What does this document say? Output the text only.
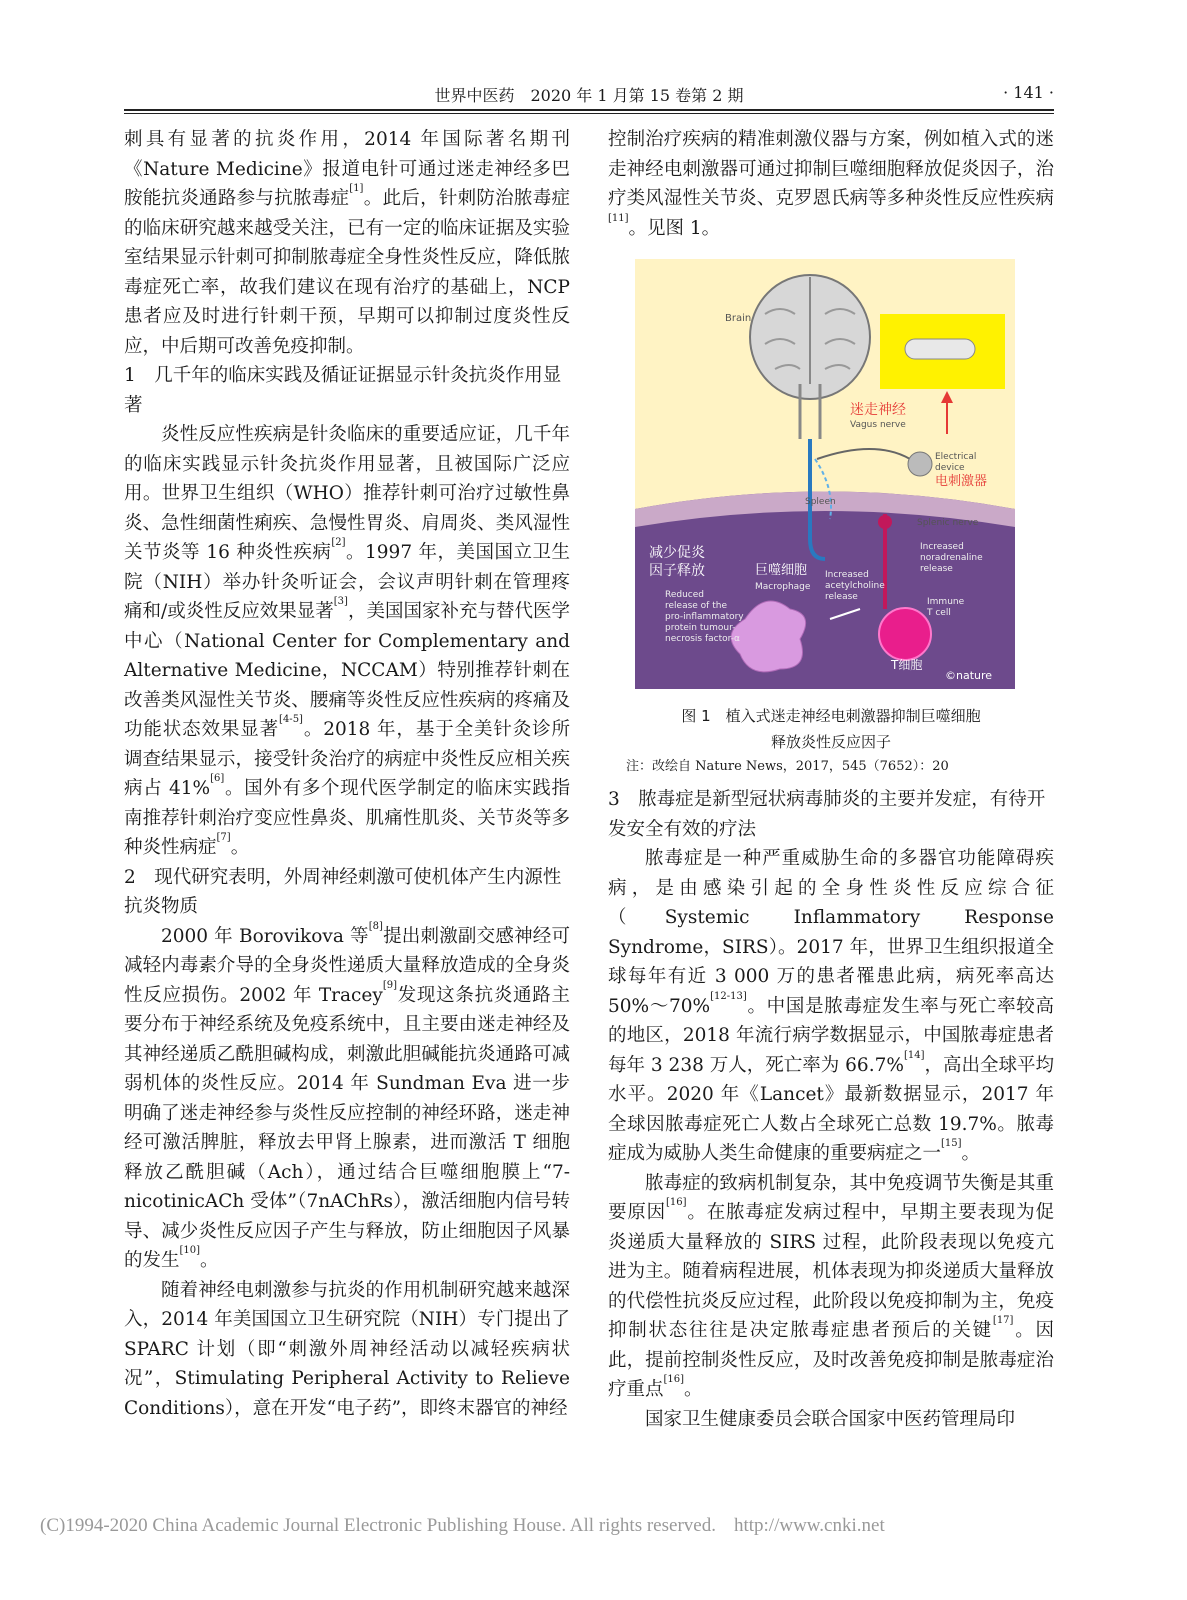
世界中医药　2020 年 1 月第 15 卷第 2 期	· 141 ·

刺具有显著的抗炎作用，2014 年国际著名期刊《Nature Medicine》报道电针可通过迷走神经多巴胺能抗炎通路参与抗脓毒症[1]。此后，针刺防治脓毒症的临床研究越来越受关注，已有一定的临床证据及实验室结果显示针刺可抑制脓毒症全身性炎性反应，降低脓毒症死亡率，故我们建议在现有治疗的基础上，NCP 患者应及时进行针刺干预，早期可以抑制过度炎性反应，中后期可改善免疫抑制。

1　几千年的临床实践及循证证据显示针灸抗炎作用显著

炎性反应性疾病是针灸临床的重要适应证，几千年的临床实践显示针灸抗炎作用显著，且被国际广泛应用。世界卫生组织（WHO）推荐针刺可治疗过敏性鼻炎、急性细菌性痢疾、急慢性胃炎、肩周炎、类风湿性关节炎等 16 种炎性疾病[2]。1997 年，美国国立卫生院（NIH）举办针灸听证会，会议声明针刺在管理疼痛和/或炎性反应效果显著[3]，美国国家补充与替代医学中心（National Center for Complementary and Alternative Medicine，NCCAM）特别推荐针刺在改善类风湿性关节炎、腰痛等炎性反应性疾病的疼痛及功能状态效果显著[4-5]。2018 年，基于全美针灸诊所调查结果显示，接受针灸治疗的病症中炎性反应相关疾病占 41%[6]。国外有多个现代医学制定的临床实践指南推荐针刺治疗变应性鼻炎、肌痛性肌炎、关节炎等多种炎性病症[7]。

2　现代研究表明，外周神经刺激可使机体产生内源性抗炎物质

2000 年 Borovikova 等[8]提出刺激副交感神经可减轻内毒素介导的全身炎性递质大量释放造成的全身炎性反应损伤。2002 年 Tracey[9]发现这条抗炎通路主要分布于神经系统及免疫系统中，且主要由迷走神经及其神经递质乙酰胆碱构成，刺激此胆碱能抗炎通路可减弱机体的炎性反应。2014 年 Sundman Eva 进一步明确了迷走神经参与炎性反应控制的神经环路，迷走神经可激活脾脏，释放去甲肾上腺素，进而激活 T 细胞释放乙酰胆碱（Ach），通过结合巨噬细胞膜上“7-nicotinicACh 受体”（7nAChRs），激活细胞内信号转导、减少炎性反应因子产生与释放，防止细胞因子风暴的发生[10]。

随着神经电刺激参与抗炎的作用机制研究越来越深入，2014 年美国国立卫生研究院（NIH）专门提出了 SPARC 计划（即“刺激外周神经活动以减轻疾病状况”，Stimulating Peripheral Activity to Relieve Conditions），意在开发“电子药”，即终末器官的神经

控制治疗疾病的精准刺激仪器与方案，例如植入式的迷走神经电刺激器可通过抑制巨噬细胞释放促炎因子，治疗类风湿性关节炎、克罗恩氏病等多种炎性反应性疾病[11]。见图 1。

Brain
迷走神经
Vagus nerve
Electrical
device
电刺激器
Spleen
Splenic nerve
T细胞
©nature
Immune
T cell
Increased
noradrenaline
release
巨噬细胞
Macrophage
Increased
acetylcholine
release
减少促炎
因子释放
Reduced
release of the
pro-inflammatory
protein tumour-
necrosis factor-α
图 1　植入式迷走神经电刺激器抑制巨噬细胞
释放炎性反应因子
注：改绘自 Nature News，2017，545（7652）：20
3　脓毒症是新型冠状病毒肺炎的主要并发症，有待开发安全有效的疗法

脓毒症是一种严重威胁生命的多器官功能障碍疾病，是由感染引起的全身性炎性反应综合征（Systemic Inflammatory Response Syndrome，SIRS）。2017 年，世界卫生组织报道全球每年有近 3 000 万的患者罹患此病，病死率高达 50%～70%[12-13]。中国是脓毒症发生率与死亡率较高的地区，2018 年流行病学数据显示，中国脓毒症患者每年 3 238 万人，死亡率为 66.7%[14]，高出全球平均水平。2020 年《Lancet》最新数据显示，2017 年全球因脓毒症死亡人数占全球死亡总数 19.7%。脓毒症成为威胁人类生命健康的重要病症之一[15]。

脓毒症的致病机制复杂，其中免疫调节失衡是其重要原因[16]。在脓毒症发病过程中，早期主要表现为促炎递质大量释放的 SIRS 过程，此阶段表现以免疫亢进为主。随着病程进展，机体表现为抑炎递质大量释放的代偿性抗炎反应过程，此阶段以免疫抑制为主，免疫抑制状态往往是决定脓毒症患者预后的关键[17]。因此，提前控制炎性反应，及时改善免疫抑制是脓毒症治疗重点[16]。

国家卫生健康委员会联合国家中医药管理局印

(C)1994-2020 China Academic Journal Electronic Publishing House. All rights reserved. http://www.cnki.net
